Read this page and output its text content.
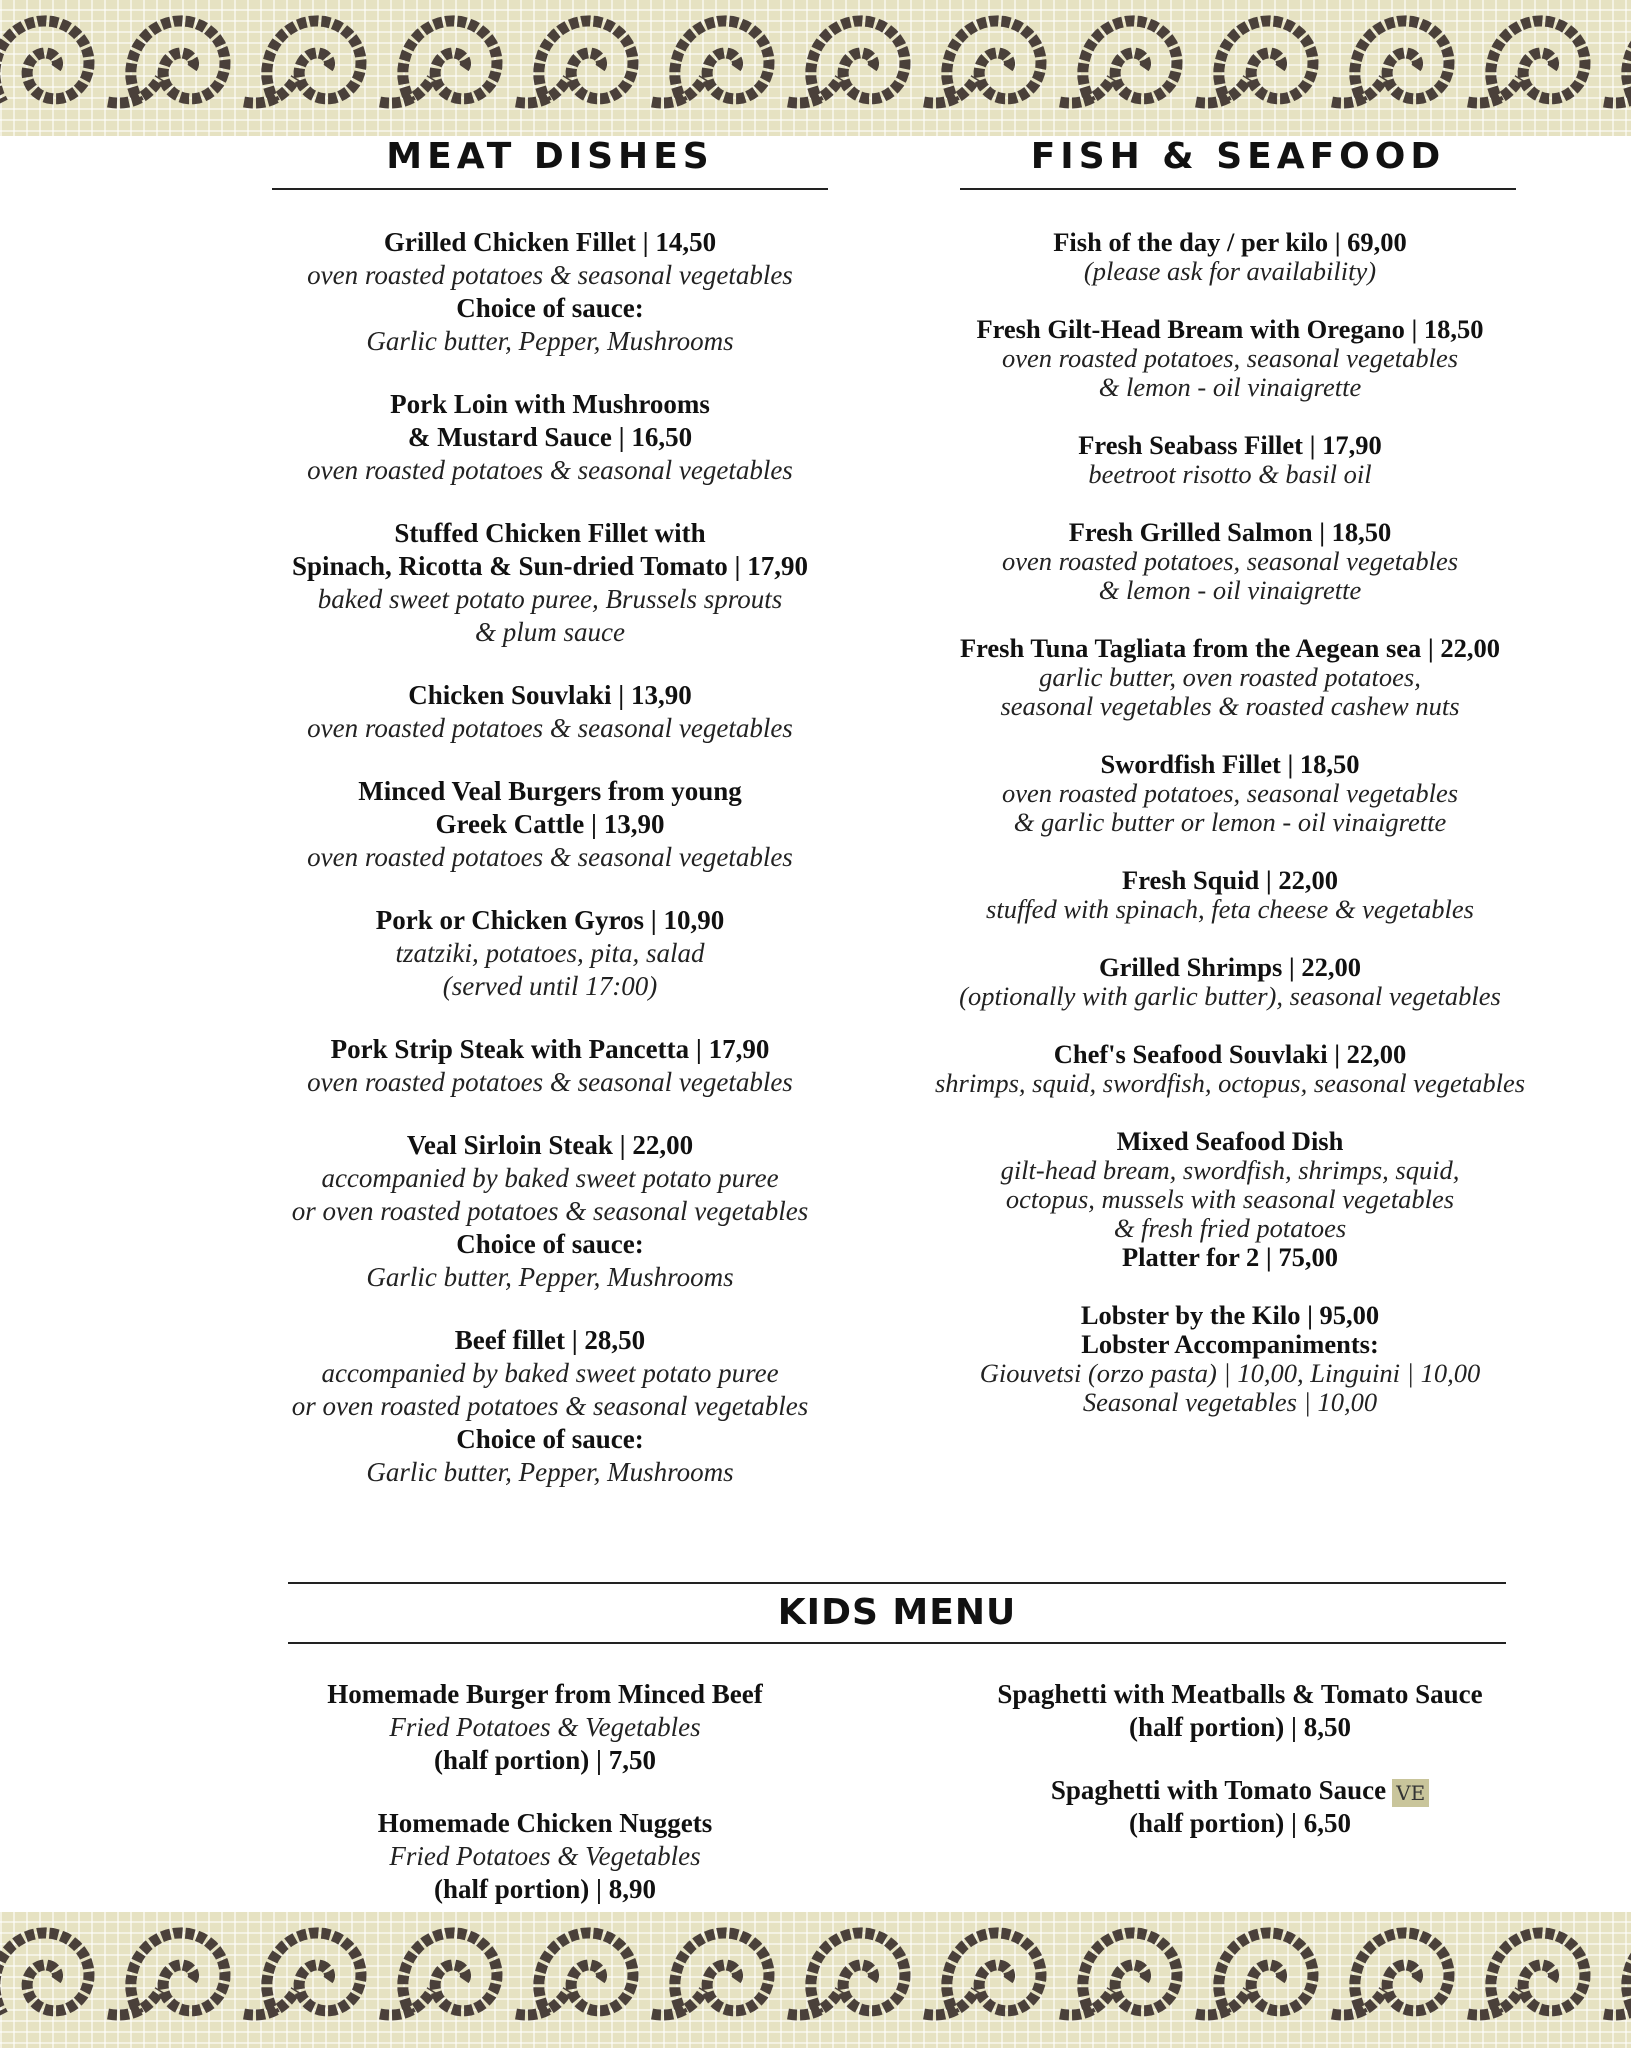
MEAT DISHES
Grilled Chicken Fillet | 14,50
oven roasted potatoes & seasonal vegetables
Choice of sauce:
Garlic butter, Pepper, Mushrooms
Pork Loin with Mushrooms
& Mustard Sauce | 16,50
oven roasted potatoes & seasonal vegetables
Stuffed Chicken Fillet with
Spinach, Ricotta & Sun-dried Tomato | 17,90
baked sweet potato puree, Brussels sprouts
& plum sauce
Chicken Souvlaki | 13,90
oven roasted potatoes & seasonal vegetables
Minced Veal Burgers from young
Greek Cattle | 13,90
oven roasted potatoes & seasonal vegetables
Pork or Chicken Gyros | 10,90
tzatziki, potatoes, pita, salad
(served until 17:00)
Pork Strip Steak with Pancetta | 17,90
oven roasted potatoes & seasonal vegetables
Veal Sirloin Steak | 22,00
accompanied by baked sweet potato puree
or oven roasted potatoes & seasonal vegetables
Choice of sauce:
Garlic butter, Pepper, Mushrooms
Beef fillet | 28,50
accompanied by baked sweet potato puree
or oven roasted potatoes & seasonal vegetables
Choice of sauce:
Garlic butter, Pepper, Mushrooms
FISH & SEAFOOD
Fish of the day / per kilo | 69,00
(please ask for availability)
Fresh Gilt-Head Bream with Oregano | 18,50
oven roasted potatoes, seasonal vegetables
& lemon - oil vinaigrette
Fresh Seabass Fillet | 17,90
beetroot risotto & basil oil
Fresh Grilled Salmon | 18,50
oven roasted potatoes, seasonal vegetables
& lemon - oil vinaigrette
Fresh Tuna Tagliata from the Aegean sea | 22,00
garlic butter, oven roasted potatoes,
seasonal vegetables & roasted cashew nuts
Swordfish Fillet | 18,50
oven roasted potatoes, seasonal vegetables
& garlic butter or lemon - oil vinaigrette
Fresh Squid | 22,00
stuffed with spinach, feta cheese & vegetables
Grilled Shrimps | 22,00
(optionally with garlic butter), seasonal vegetables
Chef's Seafood Souvlaki | 22,00
shrimps, squid, swordfish, octopus, seasonal vegetables
Mixed Seafood Dish
gilt-head bream, swordfish, shrimps, squid,
octopus, mussels with seasonal vegetables
& fresh fried potatoes
Platter for 2 | 75,00
Lobster by the Kilo | 95,00
Lobster Accompaniments:
Giouvetsi (orzo pasta) | 10,00, Linguini | 10,00
Seasonal vegetables | 10,00
KIDS MENU
Homemade Burger from Minced Beef
Fried Potatoes & Vegetables
(half portion) | 7,50
Homemade Chicken Nuggets
Fried Potatoes & Vegetables
(half portion) | 8,90
Spaghetti with Meatballs & Tomato Sauce
(half portion) | 8,50
Spaghetti with Tomato Sauce VE
(half portion) | 6,50
